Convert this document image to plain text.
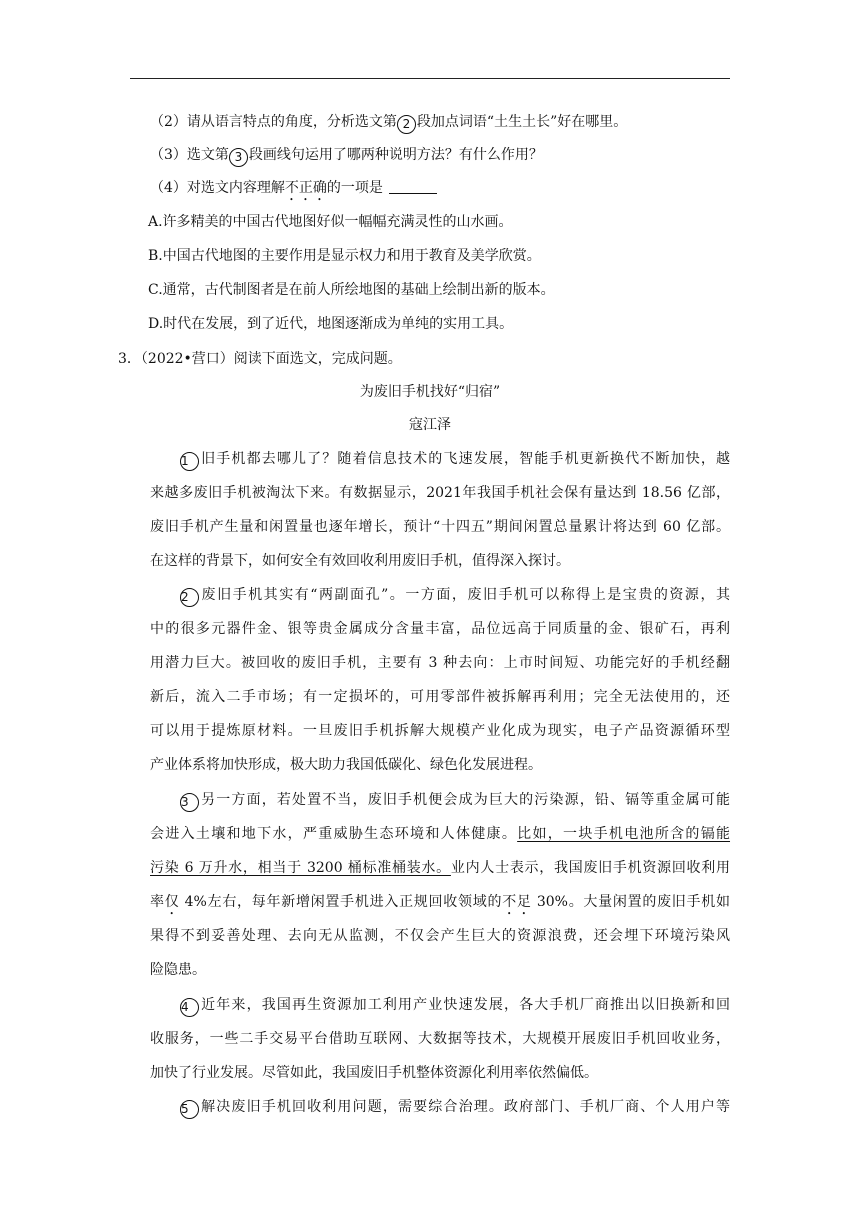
（2）请从语言特点的角度，分析选文第 2 段加点词语“土生土长”好在哪里。
（3）选文第 3 段画线句运用了哪两种说明方法？有什么作用？
（4）对选文内容理解不正确的一项是
A.许多精美的中国古代地图好似一幅幅充满灵性的山水画。
B.中国古代地图的主要作用是显示权力和用于教育及美学欣赏。
C.通常，古代制图者是在前人所绘地图的基础上绘制出新的版本。
D.时代在发展，到了近代，地图逐渐成为单纯的实用工具。
3．（2022•营口）阅读下面选文，完成问题。
为废旧手机找好“归宿”
寇江泽
1 旧手机都去哪儿了？随着信息技术的飞速发展，智能手机更新换代不断加快，越
来越多废旧手机被淘汰下来。有数据显示，2021年我国手机社会保有量达到 18.56 亿部，
废旧手机产生量和闲置量也逐年增长，预计“十四五”期间闲置总量累计将达到 60 亿部。
在这样的背景下，如何安全有效回收利用废旧手机，值得深入探讨。
2 废旧手机其实有“两副面孔”。一方面，废旧手机可以称得上是宝贵的资源，其
中的很多元器件金、银等贵金属成分含量丰富，品位远高于同质量的金、银矿石，再利
用潜力巨大。被回收的废旧手机，主要有 3 种去向：上市时间短、功能完好的手机经翻
新后，流入二手市场；有一定损坏的，可用零部件被拆解再利用；完全无法使用的，还
可以用于提炼原材料。一旦废旧手机拆解大规模产业化成为现实，电子产品资源循环型
产业体系将加快形成，极大助力我国低碳化、绿色化发展进程。
3 另一方面，若处置不当，废旧手机便会成为巨大的污染源，铅、镉等重金属可能
会进入土壤和地下水，严重威胁生态环境和人体健康。比如，一块手机电池所含的镉能
污染 6 万升水，相当于 3200 桶标准桶装水。业内人士表示，我国废旧手机资源回收利用
率仅 4%左右，每年新增闲置手机进入正规回收领域的不足 30%。大量闲置的废旧手机如
果得不到妥善处理、去向无从监测，不仅会产生巨大的资源浪费，还会埋下环境污染风
险隐患。
4 近年来，我国再生资源加工利用产业快速发展，各大手机厂商推出以旧换新和回
收服务，一些二手交易平台借助互联网、大数据等技术，大规模开展废旧手机回收业务，
加快了行业发展。尽管如此，我国废旧手机整体资源化利用率依然偏低。
5 解决废旧手机回收利用问题，需要综合治理。政府部门、手机厂商、个人用户等
